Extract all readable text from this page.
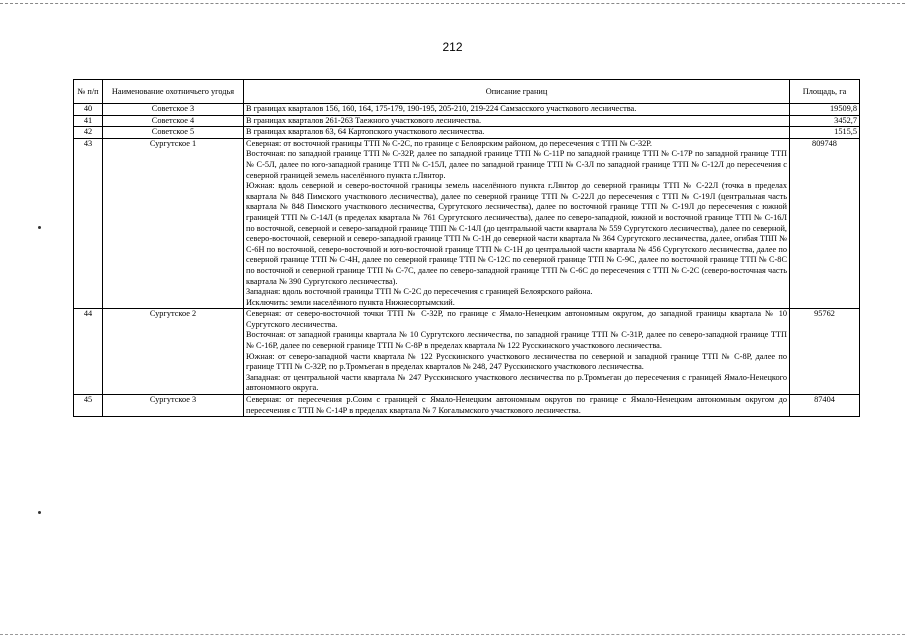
212
№ п/п	Наименование охотничьего угодья	Описание границ	Площадь, га
40	Советское 3	В границах кварталов 156, 160, 164, 175-179, 190-195, 205-210, 219-224 Самзасского участкового лесничества.	19509,8
41	Советское 4	В границах кварталов 261-263 Таежного участкового лесничества.	3452,7
42	Советское 5	В границах кварталов 63, 64 Картопского участкового лесничества.	1515,5
43	Сургутское 1	Северная: от восточной границы ТТП № С-2С, по границе с Белоярским районом, до пересечения с ТТП № С-32Р.

Восточная: по западной границе ТТП № С-32Р, далее по западной границе ТТП № С-11Р по западной границе ТТП № С-17Р по западной границе ТТП № С-5Л, далее по юго-западной границе ТТП № С-15Л, далее по западной границе ТТП № С-3Л по западной границе ТТП № С-12Л до пересечения с северной границей земель населённого пункта г.Лянтор.

Южная: вдоль северной и северо-восточной границы земель населённого пункта г.Лянтор до северной границы ТТП № С-22Л (точка в пределах квартала № 848 Пимского участкового лесничества), далее по северной границе ТТП № С-22Л до пересечения с ТТП № С-19Л (центральная часть квартала № 848 Пимского участкового лесничества, Сургутского лесничества), далее по восточной границе ТТП № С-19Л до пересечения с южной границей ТТП № С-14Л (в пределах квартала № 761 Сургутского лесничества), далее по северо-западной, южной и восточной границе ТТП № С-16Л по восточной, северной и северо-западной границе ТПП № С-14Л (до центральной части квартала № 559 Сургутского лесничества), далее по северной, северо-восточной, северной и северо-западной границе ТТП № С-1Н до северной части квартала № 364 Сургутского лесничества, далее, огибая ТПП № С-6Н по восточной, северо-восточной и юго-восточной границе ТТП № С-1Н до центральной части квартала № 456 Сургутского лесничества, далее по северной границе ТТП № С-4Н, далее по северной границе ТТП № С-12С по северной границе ТТП № С-9С, далее по восточной границе ТТП № С-8С по восточной и северной границе ТТП № С-7С, далее по северо-западной границе ТТП № С-6С до пересечения с ТТП № С-2С (северо-восточная часть квартала № 390 Сургутского лесничества).

Западная: вдоль восточной границы ТТП № С-2С до пересечения с границей Белоярского района.

Исключить: земли населённого пункта Нижнесортымский.	809748
44	Сургутское 2	Северная: от северо-восточной точки ТТП № С-32Р, по границе с Ямало-Ненецким автономным округом, до западной границы квартала № 10 Сургутского лесничества.

Восточная: от западной границы квартала № 10 Сургутского лесничества, по западной границе ТТП № С-31Р, далее по северо-западной границе ТТП № С-16Р, далее по северной границе ТТП № С-8Р в пределах квартала № 122 Русскинского участкового лесничества.

Южная: от северо-западной части квартала № 122 Русскинского участкового лесничества по северной и западной границе ТТП № С-8Р, далее по границе ТТП № С-32Р, по р.Тромъеган в пределах кварталов № 248, 247 Русскинского участкового лесничества.

Западная: от центральной части квартала № 247 Русскинского участкового лесничества по р.Тромъеган до пересечения с границей Ямало-Ненецкого автономного округа.	95762
45	Сургутское 3	Северная: от пересечения р.Соим с границей с Ямало-Ненецким автономным округов по границе с Ямало-Ненецким автономным округом до пересечения с ТТП № С-14Р в пределах квартала № 7 Когалымского участкового лесничества.	87404
